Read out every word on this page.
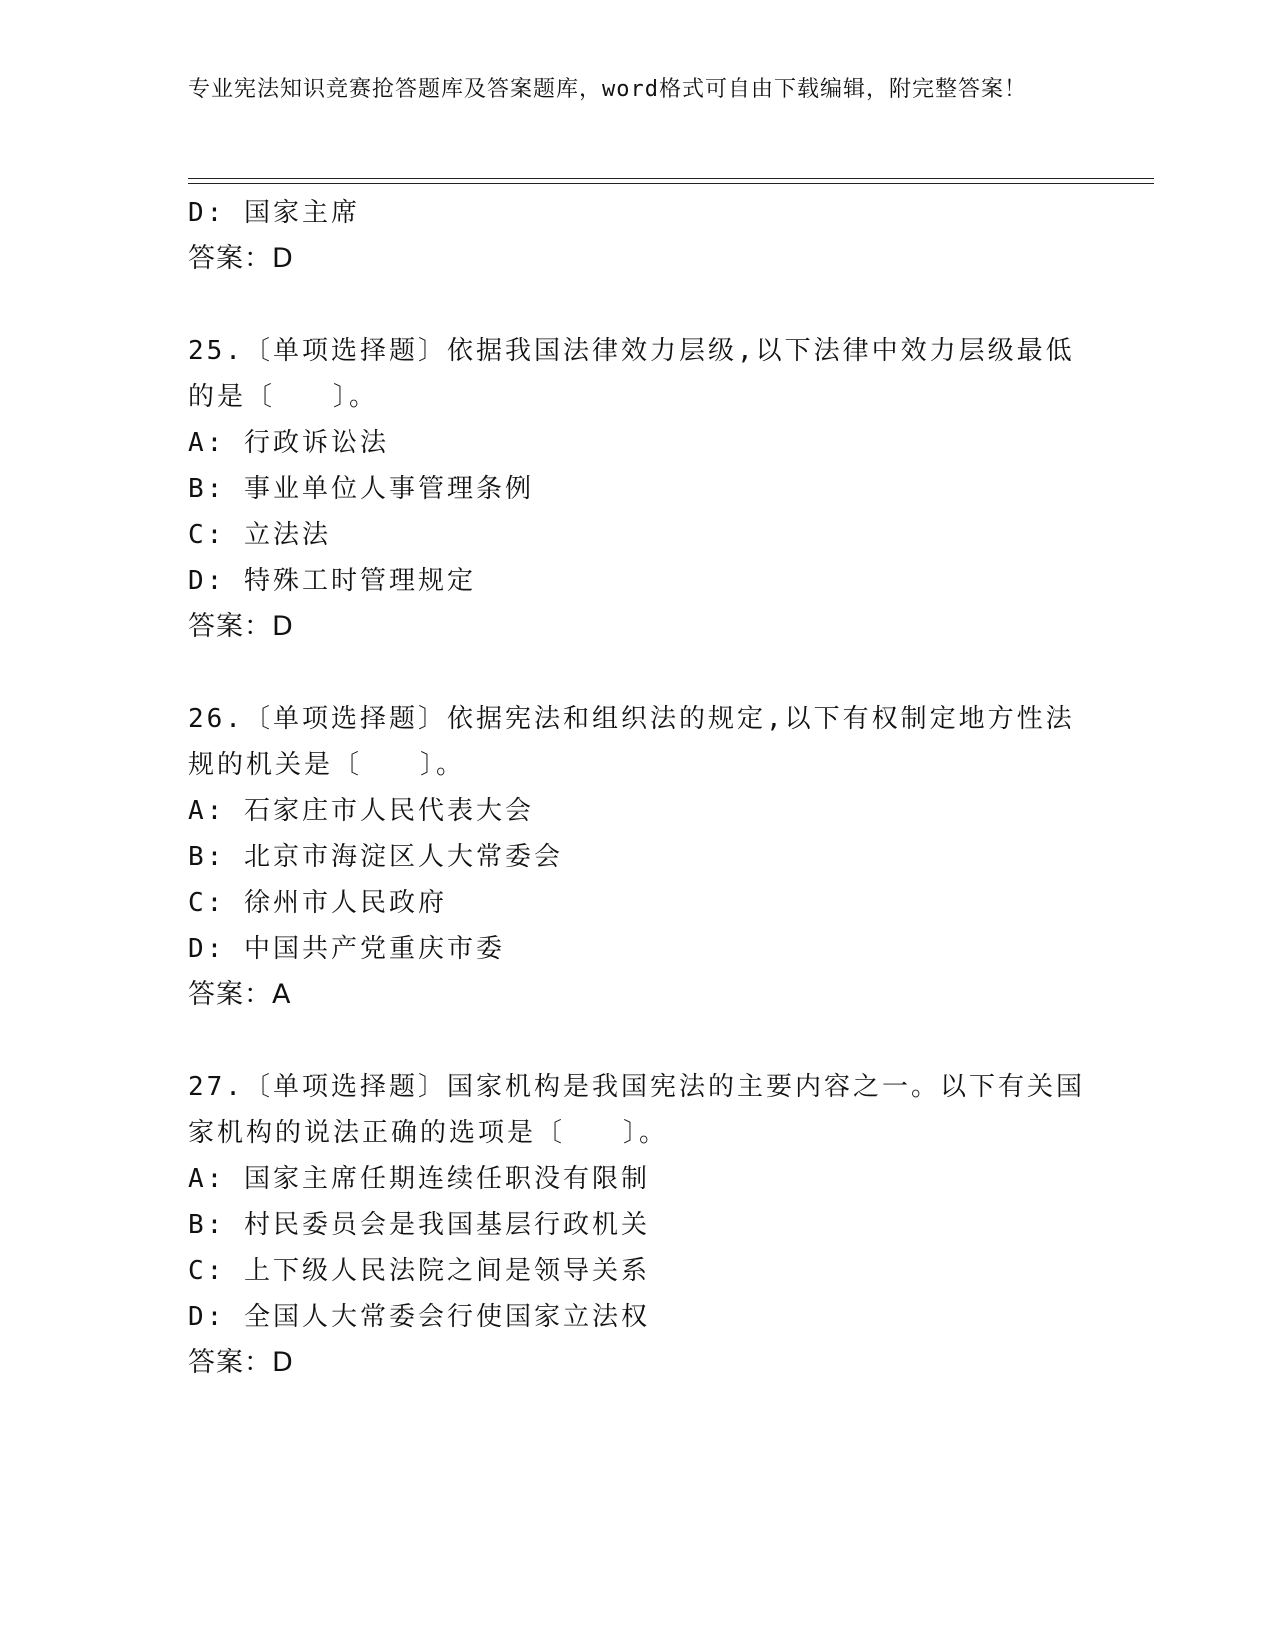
专业宪法知识竞赛抢答题库及答案题库，word格式可自由下载编辑，附完整答案！
D: 国家主席
答案：D
25.〔单项选择题〕依据我国法律效力层级,以下法律中效力层级最低
的是〔　　〕。
A: 行政诉讼法
B: 事业单位人事管理条例
C: 立法法
D: 特殊工时管理规定
答案：D
26.〔单项选择题〕依据宪法和组织法的规定,以下有权制定地方性法
规的机关是〔　　〕。
A: 石家庄市人民代表大会
B: 北京市海淀区人大常委会
C: 徐州市人民政府
D: 中国共产党重庆市委
答案：A
27.〔单项选择题〕国家机构是我国宪法的主要内容之一。以下有关国
家机构的说法正确的选项是〔　　〕。
A: 国家主席任期连续任职没有限制
B: 村民委员会是我国基层行政机关
C: 上下级人民法院之间是领导关系
D: 全国人大常委会行使国家立法权
答案：D
